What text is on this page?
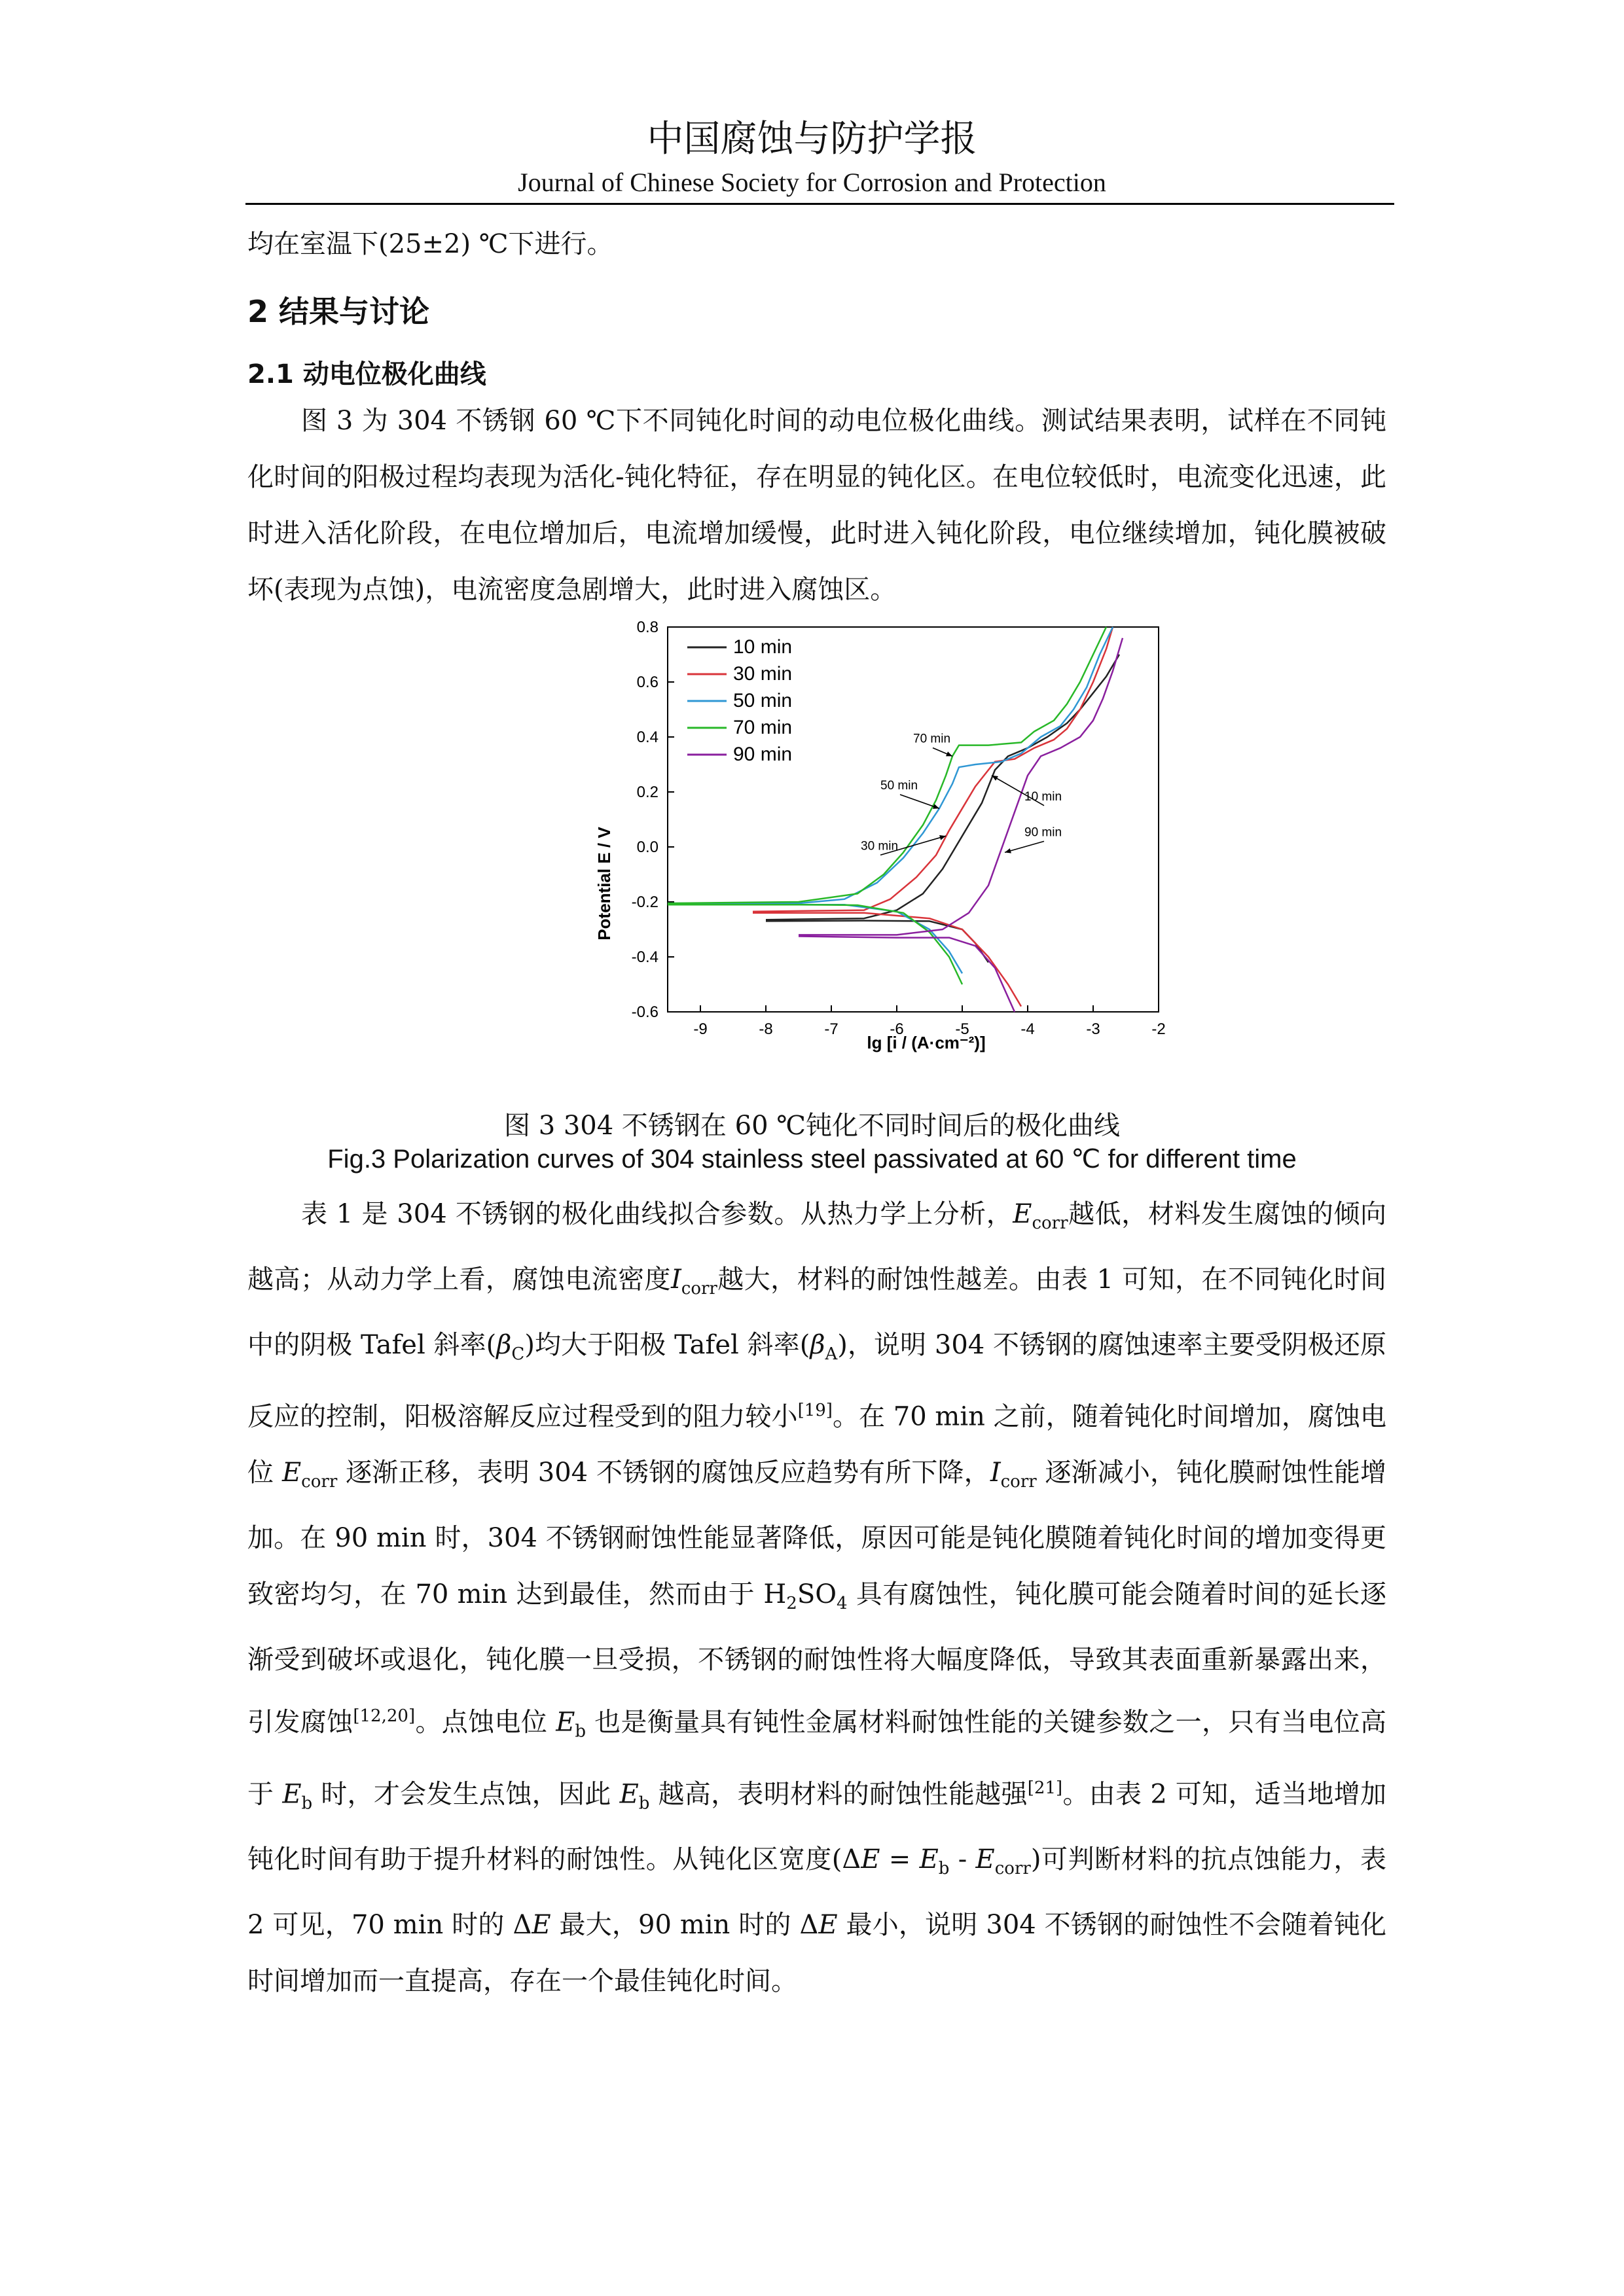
中国腐蚀与防护学报
Journal of Chinese Society for Corrosion and Protection
均在室温下(25±2) ℃下进行。
2 结果与讨论
2.1 动电位极化曲线
图 3 为 304 不锈钢 60 ℃下不同钝化时间的动电位极化曲线。测试结果表明，试样在不同钝化时间的阳极过程均表现为活化-钝化特征，存在明显的钝化区。在电位较低时，电流变化迅速，此时进入活化阶段，在电位增加后，电流增加缓慢，此时进入钝化阶段，电位继续增加，钝化膜被破坏(表现为点蚀)，电流密度急剧增大，此时进入腐蚀区。
-9	-8	-7	-6	-5	-4	-3	-2
0.8
0.6
0.4
0.2
0.0
-0.2
-0.4
-0.6
70 min
50 min
10 min
90 min
30 min
10 min
30 min
50 min
70 min
90 min
Potential E / V
lg [i / (A·cm⁻²)]
图 3 304 不锈钢在 60 ℃钝化不同时间后的极化曲线
Fig.3 Polarization curves of 304 stainless steel passivated at 60 ℃ for different time
表 1 是 304 不锈钢的极化曲线拟合参数。从热力学上分析，$E_{corr}$越低，材料发生腐蚀的倾向越高；从动力学上看，腐蚀电流密度$I_{corr}$越大，材料的耐蚀性越差。由表 1 可知，在不同钝化时间中的阴极 Tafel 斜率$(\beta_C)$均大于阳极 Tafel 斜率$(\beta_A)$，说明 304 不锈钢的腐蚀速率主要受阴极还原反应的控制，阳极溶解反应过程受到的阻力较小[19]。在 70 min 之前，随着钝化时间增加，腐蚀电位 $E_{corr}$ 逐渐正移，表明 304 不锈钢的腐蚀反应趋势有所下降，$I_{corr}$ 逐渐减小，钝化膜耐蚀性能增加。在 90 min 时，304 不锈钢耐蚀性能显著降低，原因可能是钝化膜随着钝化时间的增加变得更致密均匀，在 70 min 达到最佳，然而由于 $H_2SO_4$ 具有腐蚀性，钝化膜可能会随着时间的延长逐渐受到破坏或退化，钝化膜一旦受损，不锈钢的耐蚀性将大幅度降低，导致其表面重新暴露出来，引发腐蚀[12,20]。点蚀电位 $E_b$ 也是衡量具有钝性金属材料耐蚀性能的关键参数之一，只有当电位高于 $E_b$ 时，才会发生点蚀，因此 $E_b$ 越高，表明材料的耐蚀性能越强[21]。由表 2 可知，适当地增加钝化时间有助于提升材料的耐蚀性。从钝化区宽度$(\Delta E = E_b - E_{corr})$可判断材料的抗点蚀能力，表 2 可见，70 min 时的 ΔE 最大，90 min 时的 ΔE 最小，说明 304 不锈钢的耐蚀性不会随着钝化时间增加而一直提高，存在一个最佳钝化时间。
